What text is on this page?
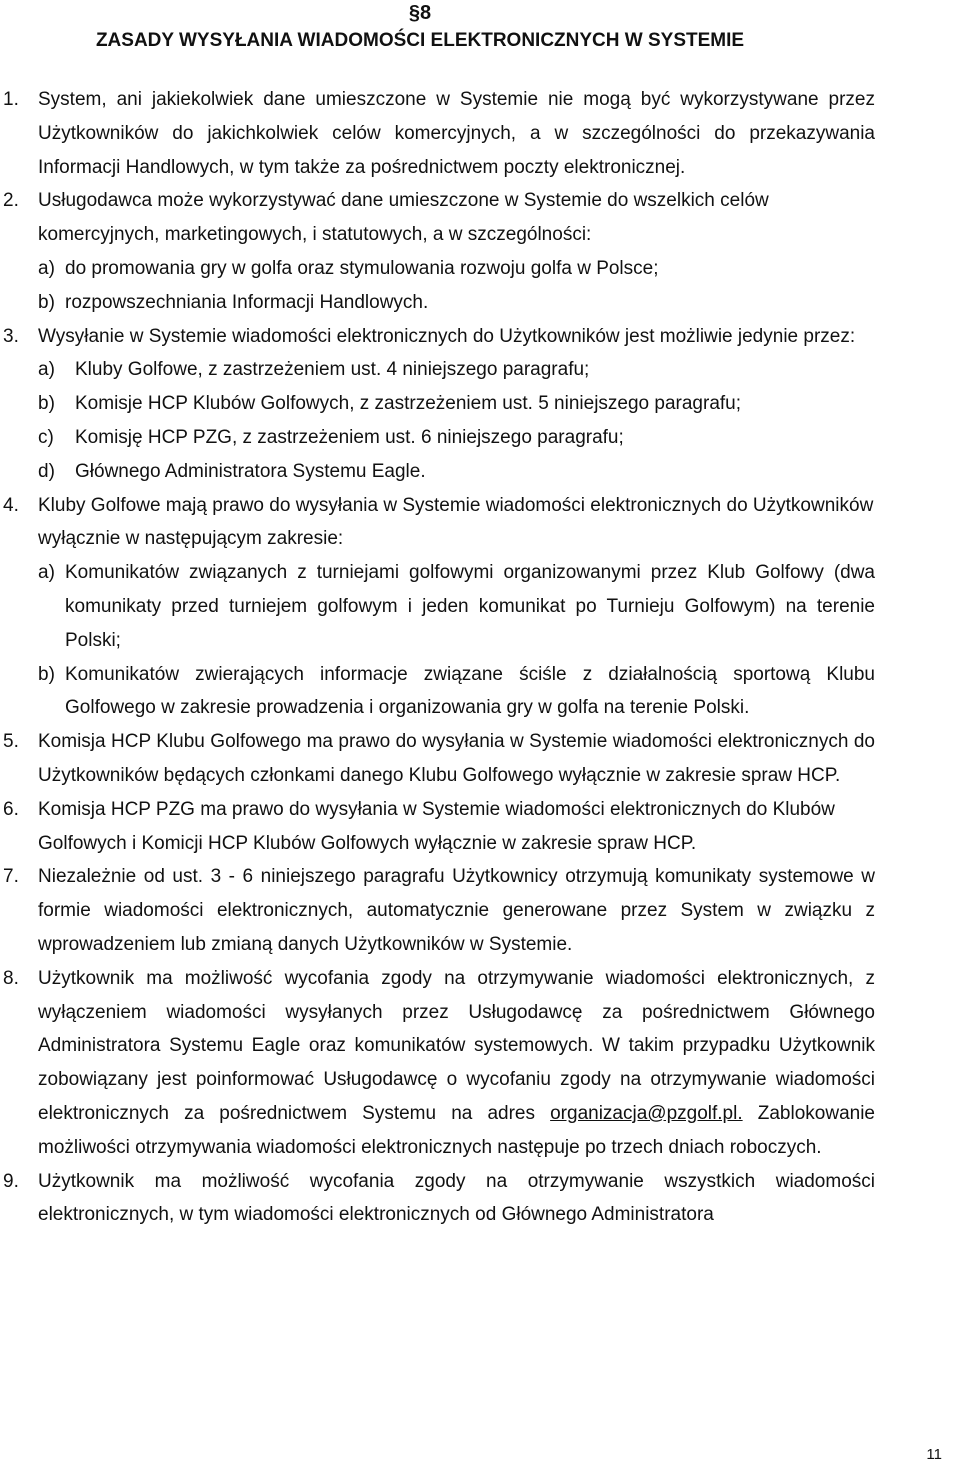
§8
ZASADY WYSYŁANIA WIADOMOŚCI ELEKTRONICZNYCH W SYSTEMIE
1. System, ani jakiekolwiek dane umieszczone w Systemie nie mogą być wykorzystywane przez Użytkowników do jakichkolwiek celów komercyjnych, a w szczególności do przekazywania Informacji Handlowych, w tym także za pośrednictwem poczty elektronicznej.
2. Usługodawca może wykorzystywać dane umieszczone w Systemie do wszelkich celów komercyjnych, marketingowych, i statutowych, a w szczególności:
a) do promowania gry w golfa oraz stymulowania rozwoju golfa w Polsce;
b) rozpowszechniania Informacji Handlowych.
3. Wysyłanie w Systemie wiadomości elektronicznych do Użytkowników jest możliwie jedynie przez:
a) Kluby Golfowe, z zastrzeżeniem ust. 4 niniejszego paragrafu;
b) Komisje HCP Klubów Golfowych, z zastrzeżeniem ust. 5 niniejszego paragrafu;
c) Komisję HCP PZG, z zastrzeżeniem ust. 6 niniejszego paragrafu;
d) Głównego Administratora Systemu Eagle.
4. Kluby Golfowe mają prawo do wysyłania w Systemie wiadomości elektronicznych do Użytkowników wyłącznie w następującym zakresie:
a) Komunikatów związanych z turniejami golfowymi organizowanymi przez Klub Golfowy (dwa komunikaty przed turniejem golfowym i jeden komunikat po Turnieju Golfowym) na terenie Polski;
b) Komunikatów zwierających informacje związane ściśle z działalnością sportową Klubu Golfowego w zakresie prowadzenia i organizowania gry w golfa na terenie Polski.
5. Komisja HCP Klubu Golfowego ma prawo do wysyłania w Systemie wiadomości elektronicznych do Użytkowników będących członkami danego Klubu Golfowego wyłącznie w zakresie spraw HCP.
6. Komisja HCP PZG ma prawo do wysyłania w Systemie wiadomości elektronicznych do Klubów Golfowych i Komicji HCP Klubów Golfowych wyłącznie w zakresie spraw HCP.
7. Niezależnie od ust. 3 - 6 niniejszego paragrafu Użytkownicy otrzymują komunikaty systemowe w formie wiadomości elektronicznych, automatycznie generowane przez System w związku z wprowadzeniem lub zmianą danych Użytkowników w Systemie.
8. Użytkownik ma możliwość wycofania zgody na otrzymywanie wiadomości elektronicznych, z wyłączeniem wiadomości wysyłanych przez Usługodawcę za pośrednictwem Głównego Administratora Systemu Eagle oraz komunikatów systemowych. W takim przypadku Użytkownik zobowiązany jest poinformować Usługodawcę o wycofaniu zgody na otrzymywanie wiadomości elektronicznych za pośrednictwem Systemu na adres organizacja@pzgolf.pl. Zablokowanie możliwości otrzymywania wiadomości elektronicznych następuje po trzech dniach roboczych.
9. Użytkownik ma możliwość wycofania zgody na otrzymywanie wszystkich wiadomości elektronicznych, w tym wiadomości elektronicznych od Głównego Administratora
11
